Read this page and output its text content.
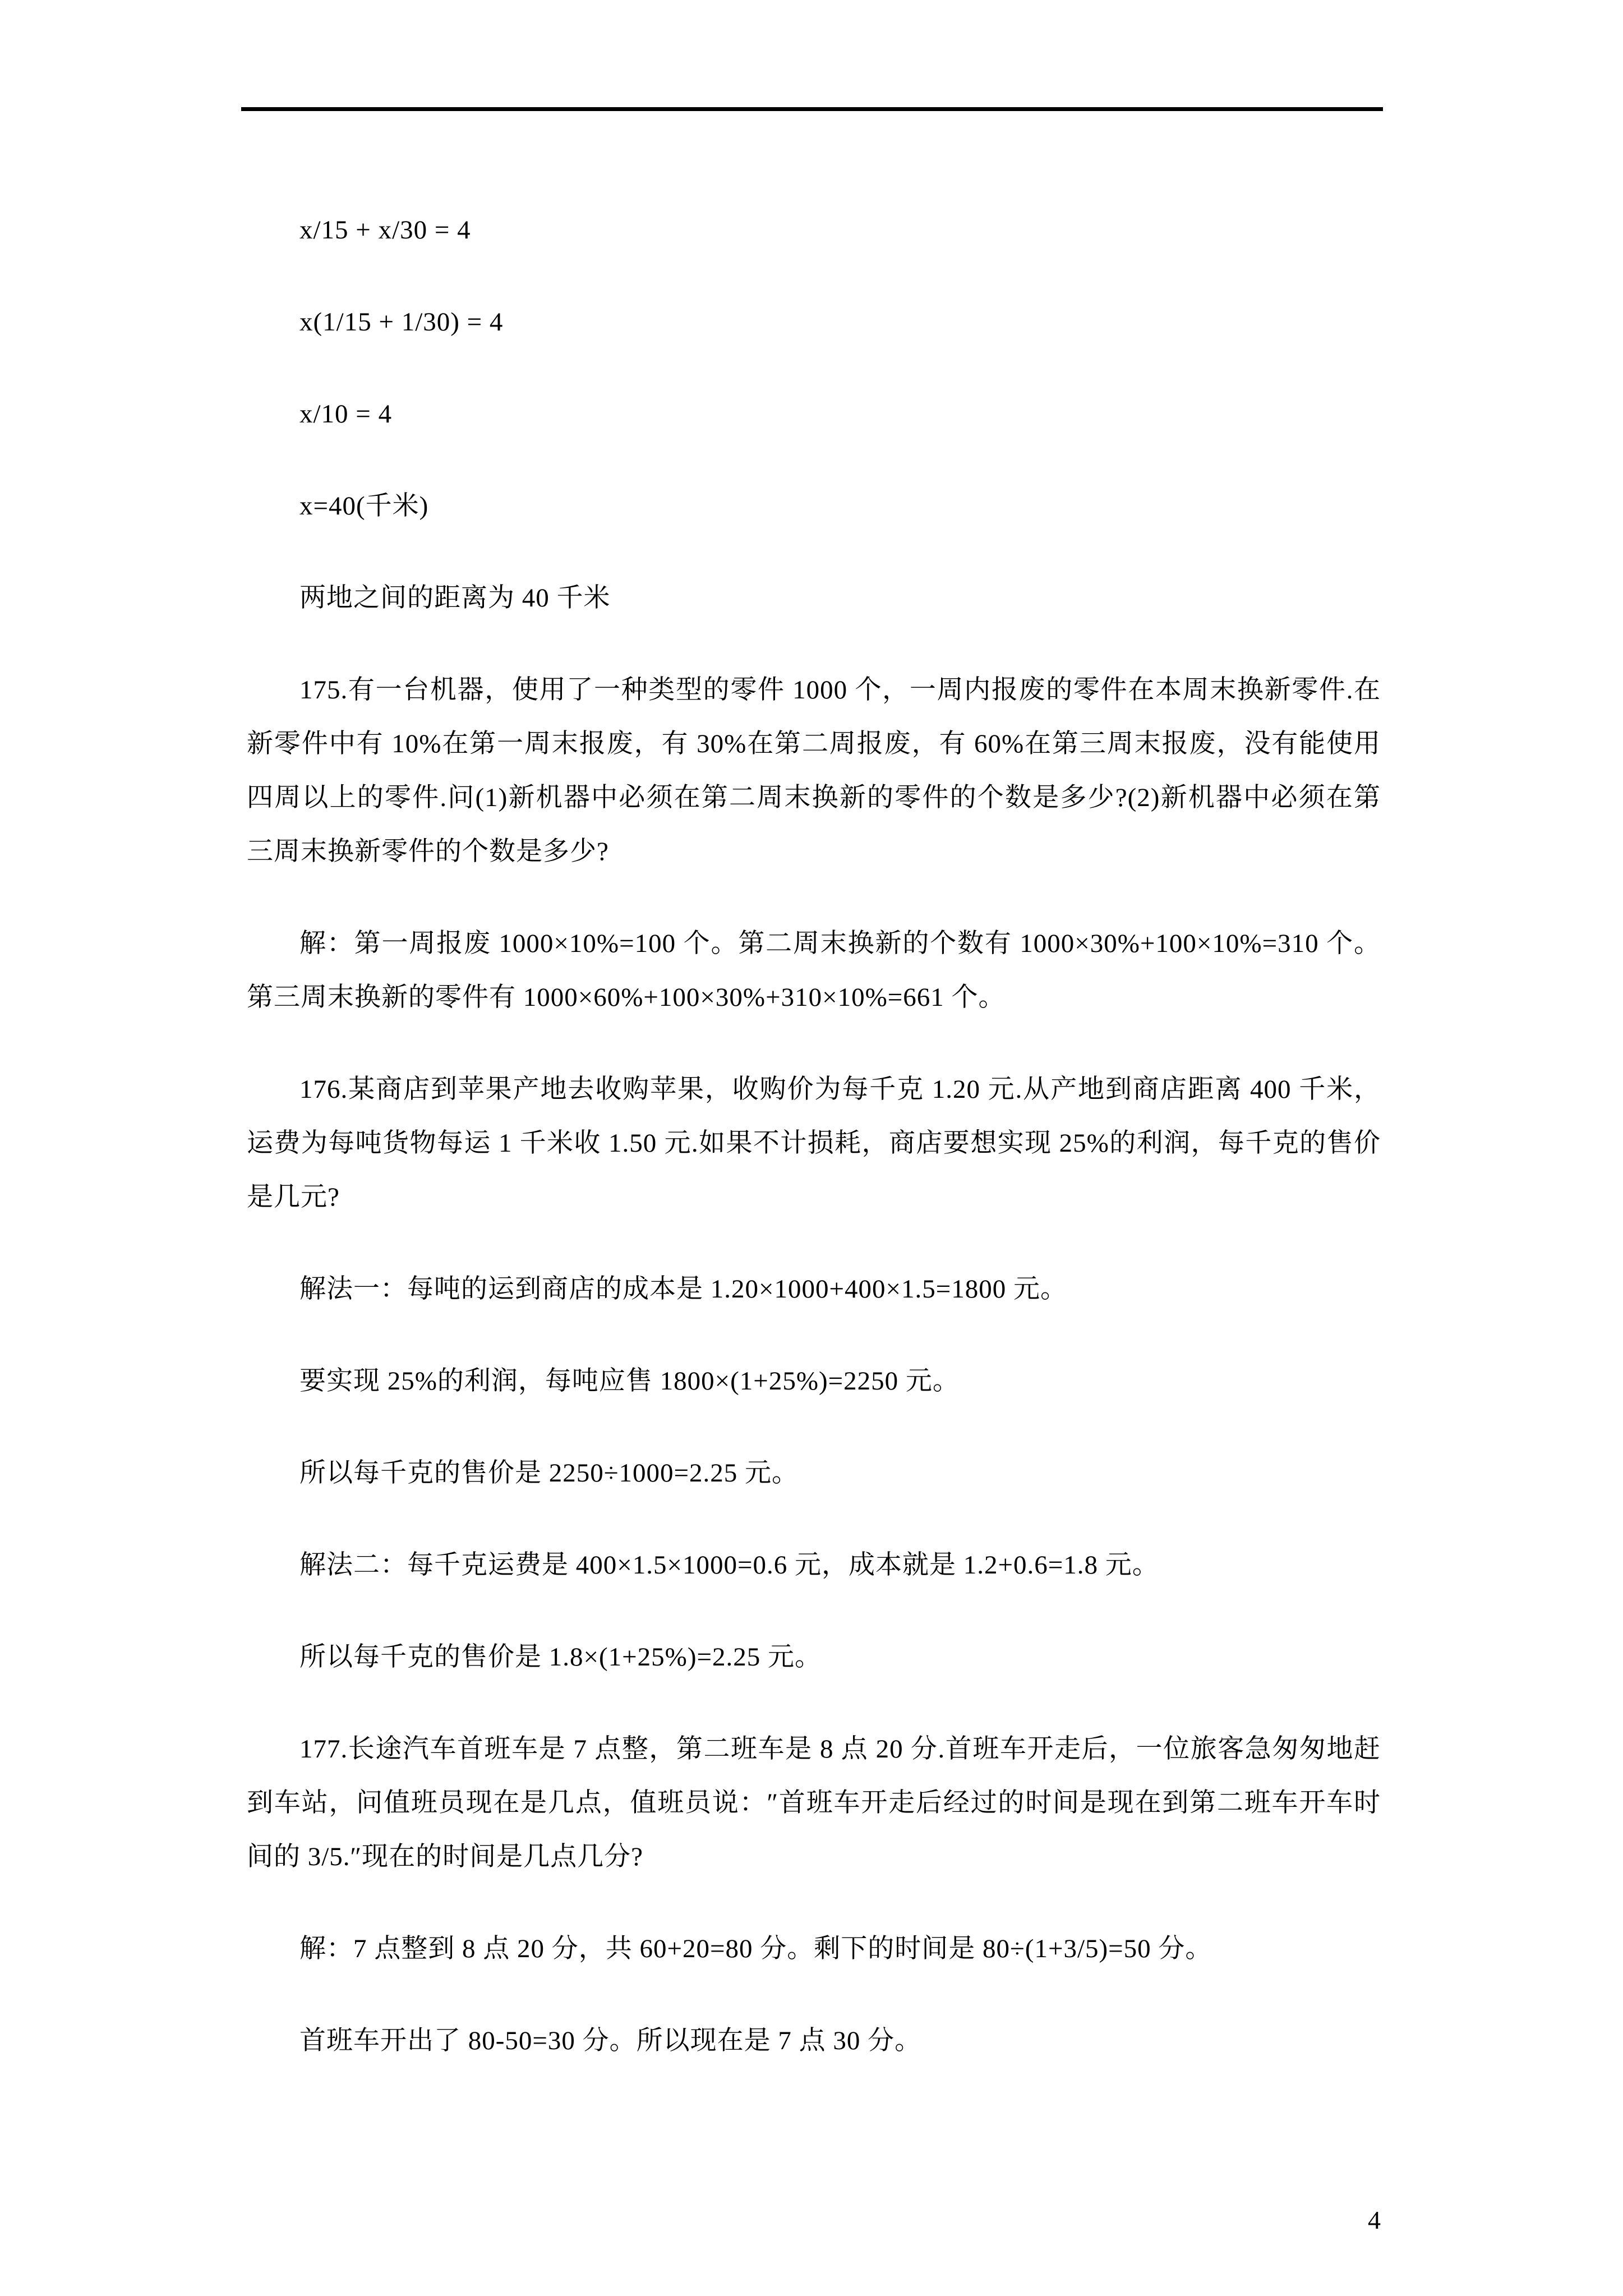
x/15 + x/30 = 4

x(1/15 + 1/30) = 4

x/10 = 4

x=40(千米)

两地之间的距离为 40 千米

175.有一台机器，使用了一种类型的零件 1000 个，一周内报废的零件在本周末换新零件.在新零件中有 10%在第一周末报废，有 30%在第二周报废，有 60%在第三周末报废，没有能使用四周以上的零件.问(1)新机器中必须在第二周末换新的零件的个数是多少?(2)新机器中必须在第三周末换新零件的个数是多少?

解：第一周报废 1000×10%=100 个。第二周末换新的个数有 1000×30%+100×10%=310 个。第三周末换新的零件有 1000×60%+100×30%+310×10%=661 个。

176.某商店到苹果产地去收购苹果，收购价为每千克 1.20 元.从产地到商店距离 400 千米，运费为每吨货物每运 1 千米收 1.50 元.如果不计损耗，商店要想实现 25%的利润，每千克的售价是几元?

解法一：每吨的运到商店的成本是 1.20×1000+400×1.5=1800 元。

要实现 25%的利润，每吨应售 1800×(1+25%)=2250 元。

所以每千克的售价是 2250÷1000=2.25 元。

解法二：每千克运费是 400×1.5×1000=0.6 元，成本就是 1.2+0.6=1.8 元。

所以每千克的售价是 1.8×(1+25%)=2.25 元。

177.长途汽车首班车是 7 点整，第二班车是 8 点 20 分.首班车开走后，一位旅客急匆匆地赶到车站，问值班员现在是几点，值班员说：″首班车开走后经过的时间是现在到第二班车开车时间的 3/5.″现在的时间是几点几分?

解：7 点整到 8 点 20 分，共 60+20=80 分。剩下的时间是 80÷(1+3/5)=50 分。

首班车开出了 80-50=30 分。所以现在是 7 点 30 分。

4
